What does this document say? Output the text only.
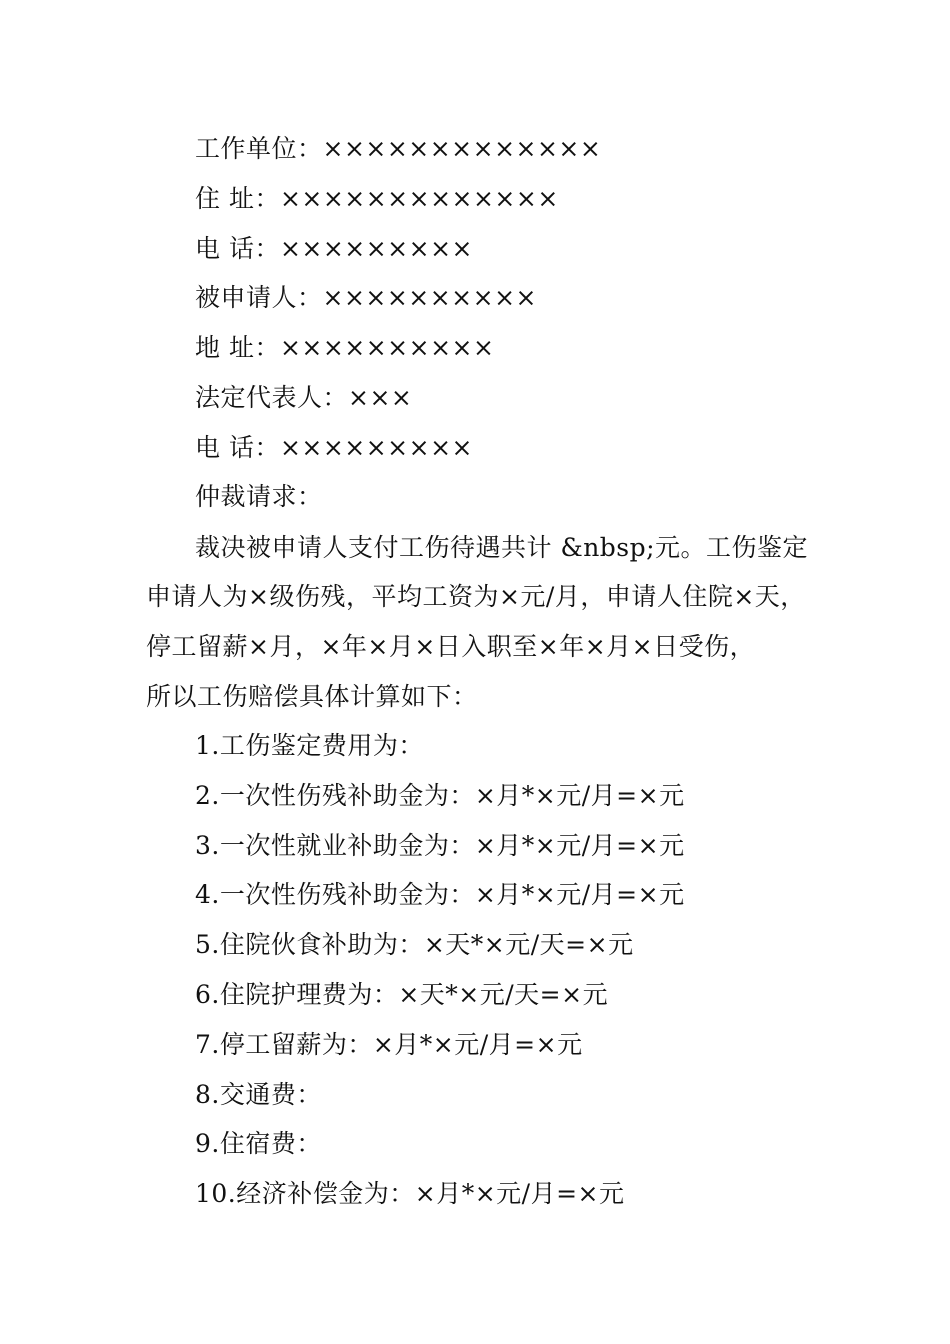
工作单位：×××××××××××××
住 址：×××××××××××××
电 话：×××××××××
被申请人：××××××××××
地 址：××××××××××
法定代表人：×××
电 话：×××××××××
仲裁请求：
裁决被申请人支付工伤待遇共计 &nbsp;元。工伤鉴定
申请人为×级伤残，平均工资为×元/月，申请人住院×天，
停工留薪×月，×年×月×日入职至×年×月×日受伤，
所以工伤赔偿具体计算如下：
1.工伤鉴定费用为：
2.一次性伤残补助金为：×月*×元/月=×元
3.一次性就业补助金为：×月*×元/月=×元
4.一次性伤残补助金为：×月*×元/月=×元
5.住院伙食补助为：×天*×元/天=×元
6.住院护理费为：×天*×元/天=×元
7.停工留薪为：×月*×元/月=×元
8.交通费：
9.住宿费：
10.经济补偿金为：×月*×元/月=×元
